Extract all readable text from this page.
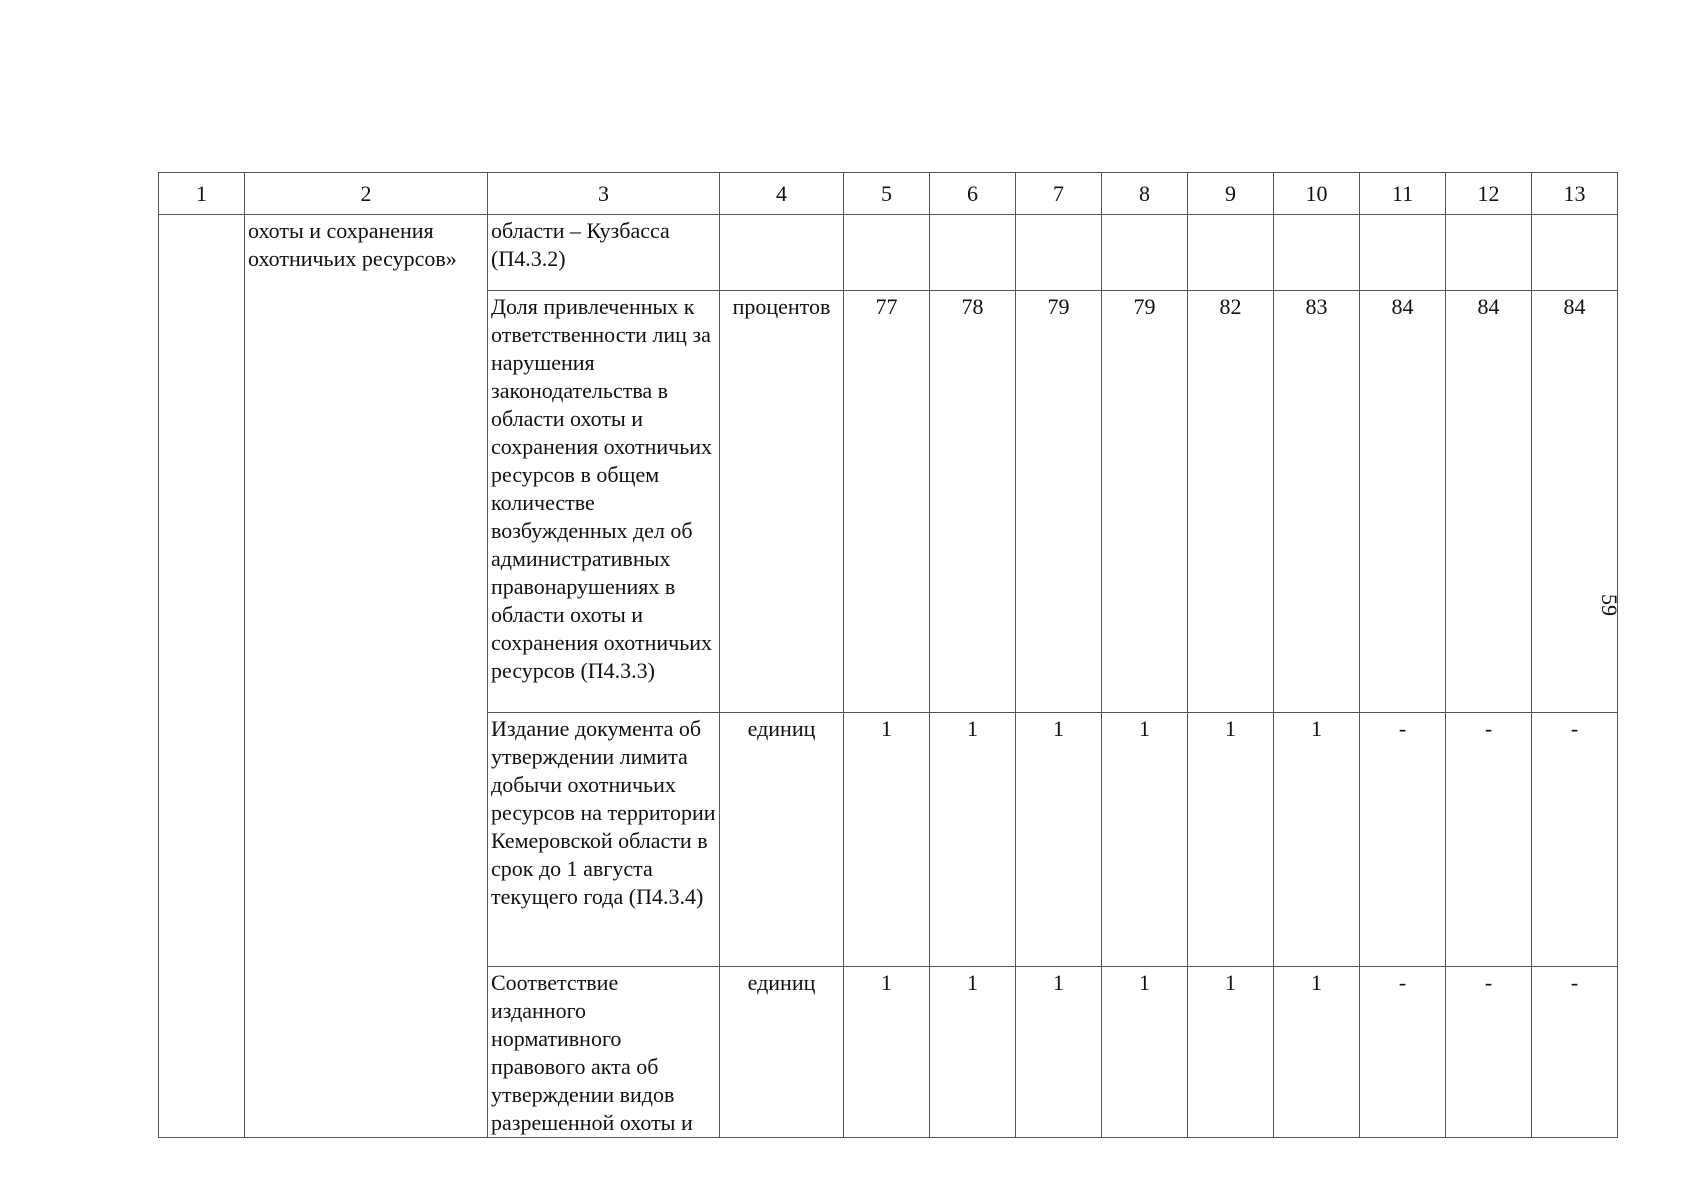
1	2	3	4	5	6	7	8	9	10	11	12	13
	охоты и сохранения охотничьих ресурсов»	области – Кузбасса (П4.3.2)										
		Доля привлеченных к ответственности лиц за нарушения законодательства в области охоты и сохранения охотничьих ресурсов в общем количестве возбужденных дел об административных правонарушениях в области охоты и сохранения охотничьих ресурсов (П4.3.3)	процентов	77	78	79	79	82	83	84	84	84
		Издание документа об утверждении лимита добычи охотничьих ресурсов на территории Кемеровской области в срок до 1 августа текущего года (П4.3.4)	единиц	1	1	1	1	1	1	-	-	-
		Соответствие изданного нормативного правового акта об утверждении видов разрешенной охоты и	единиц	1	1	1	1	1	1	-	-	-
59
